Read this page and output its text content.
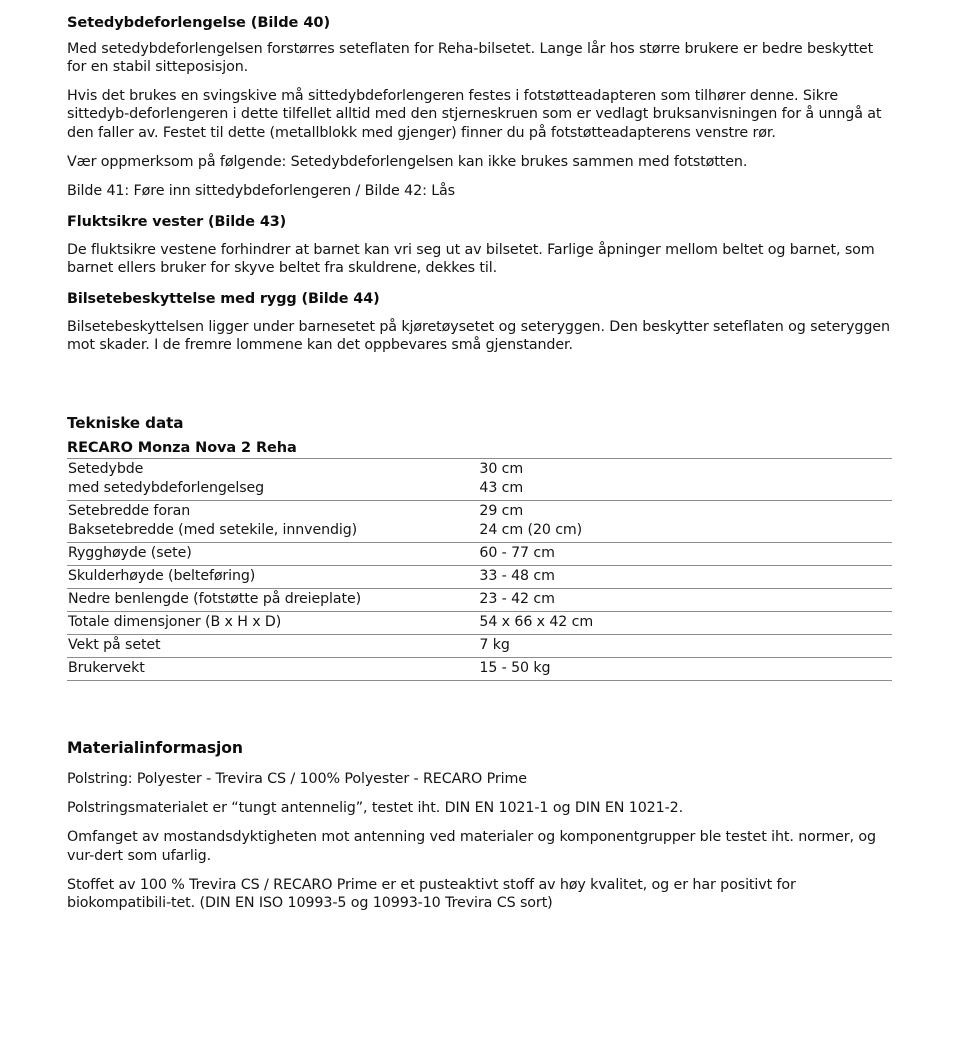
Setedybdeforlengelse (Bilde 40)

Med setedybdeforlengelsen forstørres seteflaten for Reha-bilsetet. Lange lår hos større brukere er bedre beskyttet for en stabil sitteposisjon.

Hvis det brukes en svingskive må sittedybdeforlengeren festes i fotstøtteadapteren som tilhører denne. Sikre sittedyb-deforlengeren i dette tilfellet alltid med den stjerneskruen som er vedlagt bruksanvisningen for å unngå at den faller av. Festet til dette (metallblokk med gjenger) finner du på fotstøtteadapterens venstre rør.

Vær oppmerksom på følgende: Setedybdeforlengelsen kan ikke brukes sammen med fotstøtten.

Bilde 41: Føre inn sittedybdeforlengeren / Bilde 42: Lås

Fluktsikre vester (Bilde 43)

De fluktsikre vestene forhindrer at barnet kan vri seg ut av bilsetet. Farlige åpninger mellom beltet og barnet, som barnet ellers bruker for skyve beltet fra skuldrene, dekkes til.

Bilsetebeskyttelse med rygg (Bilde 44)

Bilsetebeskyttelsen ligger under barnesetet på kjøretøysetet og seteryggen. Den beskytter seteflaten og seteryggen mot skader. I de fremre lommene kan det oppbevares små gjenstander.

Tekniske data
RECARO Monza Nova 2 Reha
Setedybde	30 cm
med setedybdeforlengelseg	43 cm
Setebredde foran	29 cm
Baksetebredde (med setekile, innvendig)	24 cm (20 cm)
Rygghøyde (sete)	60 - 77 cm
Skulderhøyde (belteføring)	33 - 48 cm
Nedre benlengde (fotstøtte på dreieplate)	23 - 42 cm
Totale dimensjoner (B x H x D)	54 x 66 x 42 cm
Vekt på setet	7 kg
Brukervekt	15 - 50 kg
Materialinformasjon

Polstring: Polyester - Trevira CS / 100% Polyester - RECARO Prime

Polstringsmaterialet er “tungt antennelig”, testet iht. DIN EN 1021-1 og DIN EN 1021-2.

Omfanget av mostandsdyktigheten mot antenning ved materialer og komponentgrupper ble testet iht. normer, og vur-dert som ufarlig.

Stoffet av 100 % Trevira CS / RECARO Prime er et pusteaktivt stoff av høy kvalitet, og er har positivt for biokompatibili-tet. (DIN EN ISO 10993-5 og 10993-10 Trevira CS sort)
